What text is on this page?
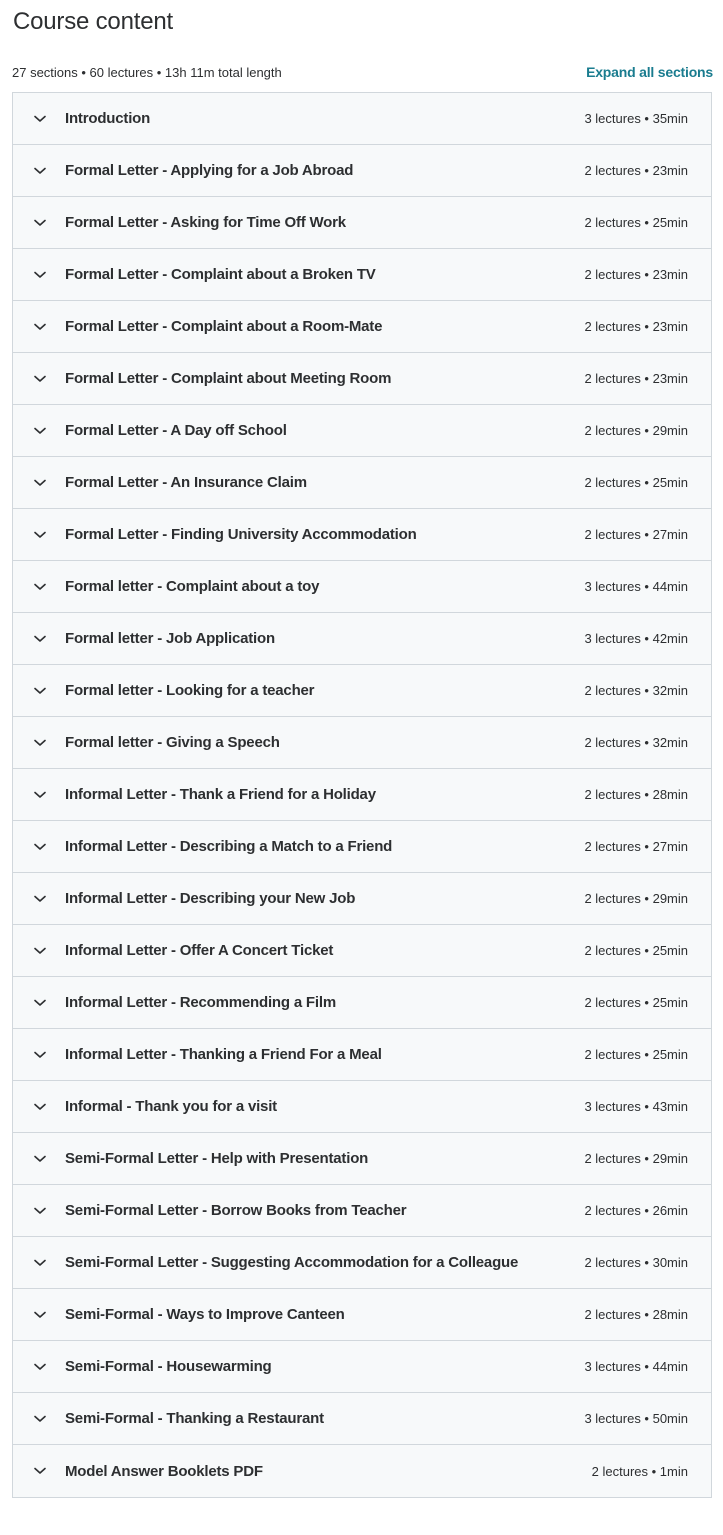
Course content
27 sections • 60 lectures • 13h 11m total length	Expand all sections
Introduction	3 lectures • 35min
Formal Letter - Applying for a Job Abroad	2 lectures • 23min
Formal Letter - Asking for Time Off Work	2 lectures • 25min
Formal Letter - Complaint about a Broken TV	2 lectures • 23min
Formal Letter - Complaint about a Room-Mate	2 lectures • 23min
Formal Letter - Complaint about Meeting Room	2 lectures • 23min
Formal Letter - A Day off School	2 lectures • 29min
Formal Letter - An Insurance Claim	2 lectures • 25min
Formal Letter - Finding University Accommodation	2 lectures • 27min
Formal letter - Complaint about a toy	3 lectures • 44min
Formal letter - Job Application	3 lectures • 42min
Formal letter - Looking for a teacher	2 lectures • 32min
Formal letter - Giving a Speech	2 lectures • 32min
Informal Letter - Thank a Friend for a Holiday	2 lectures • 28min
Informal Letter - Describing a Match to a Friend	2 lectures • 27min
Informal Letter - Describing your New Job	2 lectures • 29min
Informal Letter - Offer A Concert Ticket	2 lectures • 25min
Informal Letter - Recommending a Film	2 lectures • 25min
Informal Letter - Thanking a Friend For a Meal	2 lectures • 25min
Informal - Thank you for a visit	3 lectures • 43min
Semi-Formal Letter - Help with Presentation	2 lectures • 29min
Semi-Formal Letter - Borrow Books from Teacher	2 lectures • 26min
Semi-Formal Letter - Suggesting Accommodation for a Colleague	2 lectures • 30min
Semi-Formal - Ways to Improve Canteen	2 lectures • 28min
Semi-Formal - Housewarming	3 lectures • 44min
Semi-Formal - Thanking a Restaurant	3 lectures • 50min
Model Answer Booklets PDF	2 lectures • 1min
